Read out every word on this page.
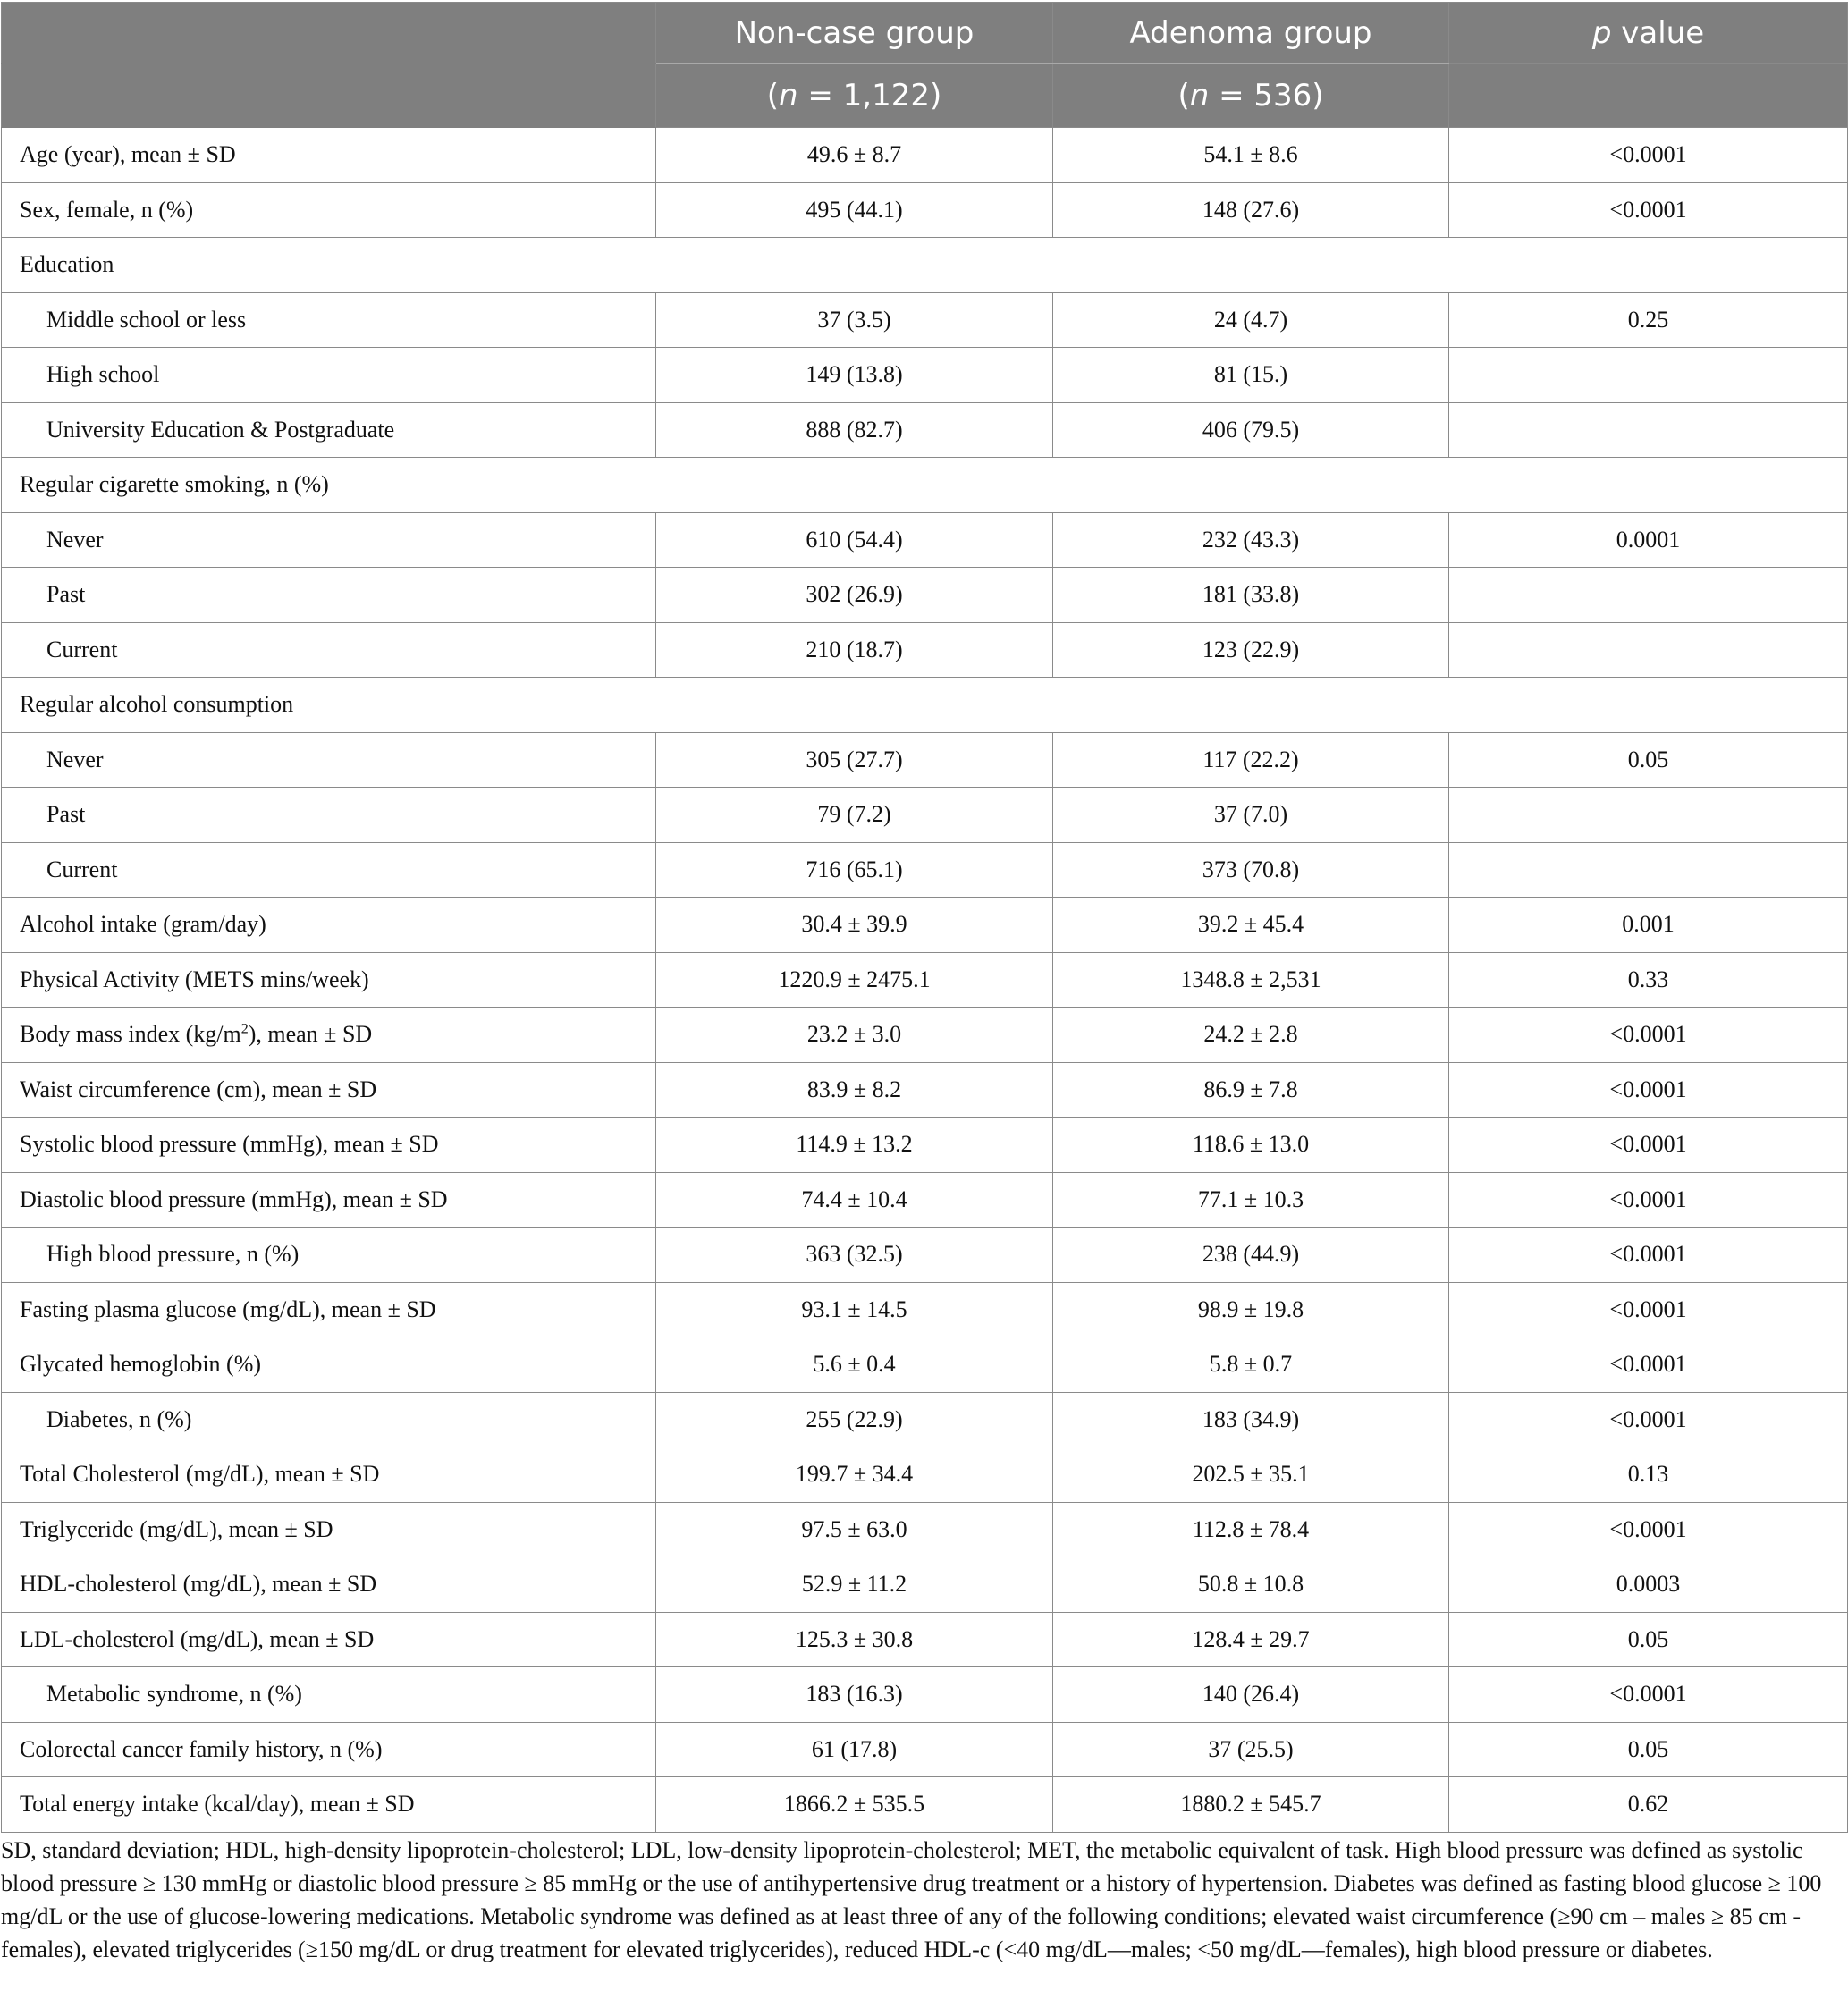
	Non-case group	Adenoma group	p value
	(n = 1,122)	(n = 536)	
Age (year), mean ± SD	49.6 ± 8.7	54.1 ± 8.6	<0.0001
Sex, female, n (%)	495 (44.1)	148 (27.6)	<0.0001
Education			
Middle school or less	37 (3.5)	24 (4.7)	0.25
High school	149 (13.8)	81 (15.)	
University Education & Postgraduate	888 (82.7)	406 (79.5)	
Regular cigarette smoking, n (%)			
Never	610 (54.4)	232 (43.3)	0.0001
Past	302 (26.9)	181 (33.8)	
Current	210 (18.7)	123 (22.9)	
Regular alcohol consumption			
Never	305 (27.7)	117 (22.2)	0.05
Past	79 (7.2)	37 (7.0)	
Current	716 (65.1)	373 (70.8)	
Alcohol intake (gram/day)	30.4 ± 39.9	39.2 ± 45.4	0.001
Physical Activity (METS mins/week)	1220.9 ± 2475.1	1348.8 ± 2,531	0.33
Body mass index $(kg/m^2)$, mean ± SD	23.2 ± 3.0	24.2 ± 2.8	<0.0001
Waist circumference (cm), mean ± SD	83.9 ± 8.2	86.9 ± 7.8	<0.0001
Systolic blood pressure (mmHg), mean ± SD	114.9 ± 13.2	118.6 ± 13.0	<0.0001
Diastolic blood pressure (mmHg), mean ± SD	74.4 ± 10.4	77.1 ± 10.3	<0.0001
High blood pressure, n (%)	363 (32.5)	238 (44.9)	<0.0001
Fasting plasma glucose (mg/dL), mean ± SD	93.1 ± 14.5	98.9 ± 19.8	<0.0001
Glycated hemoglobin (%)	5.6 ± 0.4	5.8 ± 0.7	<0.0001
Diabetes, n (%)	255 (22.9)	183 (34.9)	<0.0001
Total Cholesterol (mg/dL), mean ± SD	199.7 ± 34.4	202.5 ± 35.1	0.13
Triglyceride (mg/dL), mean ± SD	97.5 ± 63.0	112.8 ± 78.4	<0.0001
HDL-cholesterol (mg/dL), mean ± SD	52.9 ± 11.2	50.8 ± 10.8	0.0003
LDL-cholesterol (mg/dL), mean ± SD	125.3 ± 30.8	128.4 ± 29.7	0.05
Metabolic syndrome, n (%)	183 (16.3)	140 (26.4)	<0.0001
Colorectal cancer family history, n (%)	61 (17.8)	37 (25.5)	0.05
Total energy intake (kcal/day), mean ± SD	1866.2 ± 535.5	1880.2 ± 545.7	0.62
SD, standard deviation; HDL, high-density lipoprotein-cholesterol; LDL, low-density lipoprotein-cholesterol; MET, the metabolic equivalent of task. High blood pressure was defined as systolic blood pressure ≥ 130 mmHg or diastolic blood pressure ≥ 85 mmHg or the use of antihypertensive drug treatment or a history of hypertension. Diabetes was defined as fasting blood glucose ≥ 100 mg/dL or the use of glucose-lowering medications. Metabolic syndrome was defined as at least three of any of the following conditions; elevated waist circumference (≥90 cm – males ≥ 85 cm - females), elevated triglycerides (≥150 mg/dL or drug treatment for elevated triglycerides), reduced HDL-c (<40 mg/dL—males; <50 mg/dL—females), high blood pressure or diabetes.
